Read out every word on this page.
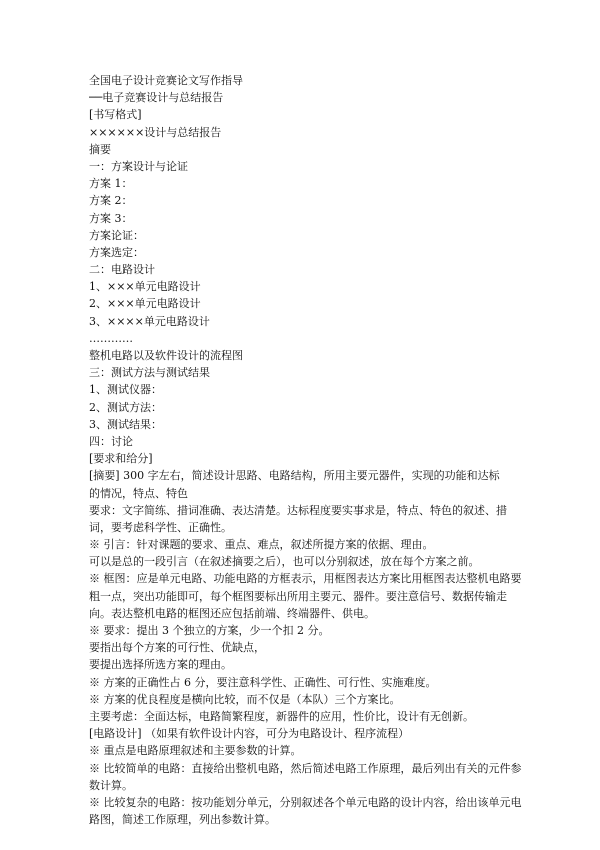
全国电子设计竞赛论文写作指导
──电子竞赛设计与总结报告
[书写格式]
××××××设计与总结报告
摘要
一：方案设计与论证
方案 1：
方案 2：
方案 3：
方案论证：
方案选定：
二：电路设计
1、×××单元电路设计
2、×××单元电路设计
3、××××单元电路设计
…………
整机电路以及软件设计的流程图
三：测试方法与测试结果
1、测试仪器：
2、测试方法：
3、测试结果：
四：讨论
[要求和给分]
[摘要] 300 字左右，简述设计思路、电路结构，所用主要元器件，实现的功能和达标
的情况，特点、特色
要求：文字简练、措词准确、表达清楚。达标程度要实事求是，特点、特色的叙述、措
词，要考虑科学性、正确性。
※ 引言：针对课题的要求、重点、难点，叙述所提方案的依据、理由。
可以是总的一段引言（在叙述摘要之后），也可以分别叙述，放在每个方案之前。
※ 框图：应是单元电路、功能电路的方框表示，用框图表达方案比用框图表达整机电路要
粗一点，突出功能即可，每个框图要标出所用主要元、器件。要注意信号、数据传输走
向。表达整机电路的框图还应包括前端、终端器件、供电。
※ 要求：提出 3 个独立的方案，少一个扣 2 分。
要指出每个方案的可行性、优缺点，
要提出选择所选方案的理由。
※ 方案的正确性占 6 分，要注意科学性、正确性、可行性、实施难度。
※ 方案的优良程度是横向比较，而不仅是（本队）三个方案比。
主要考虑：全面达标，电路简繁程度，新器件的应用，性价比，设计有无创新。
[电路设计] （如果有软件设计内容，可分为电路设计、程序流程）
※ 重点是电路原理叙述和主要参数的计算。
※ 比较简单的电路：直接给出整机电路，然后简述电路工作原理，最后列出有关的元件参
数计算。
※ 比较复杂的电路：按功能划分单元，分别叙述各个单元电路的设计内容，给出该单元电
路图，简述工作原理，列出参数计算。
